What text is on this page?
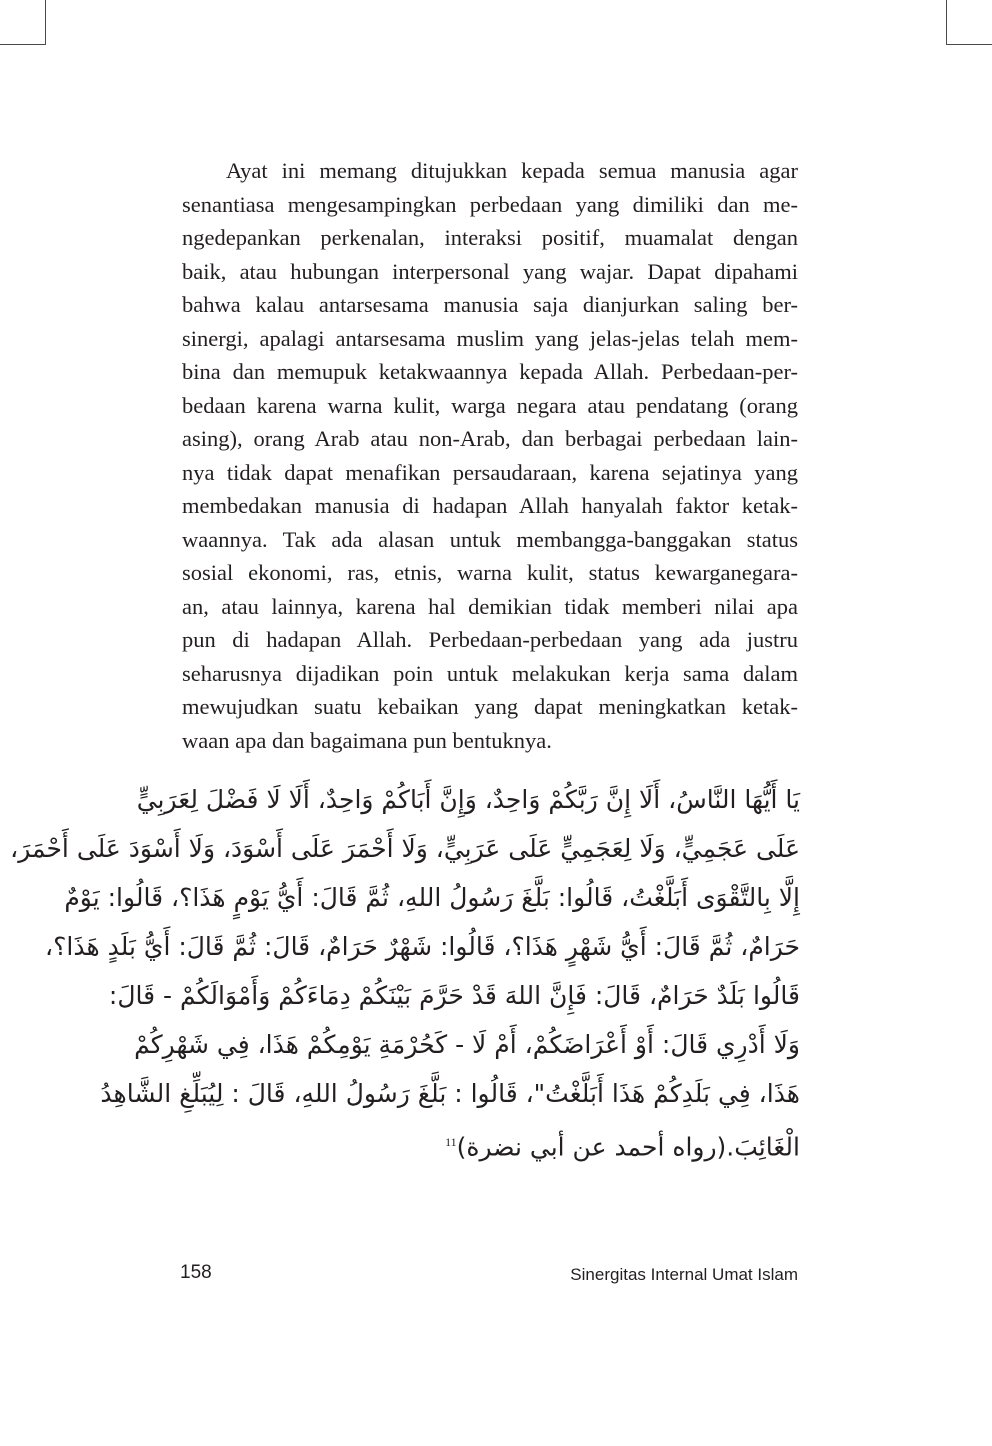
Ayat ini memang ditujukkan kepada semua manusia agar
senantiasa mengesampingkan perbedaan yang dimiliki dan me-
ngedepankan perkenalan, interaksi positif, muamalat dengan
baik, atau hubungan interpersonal yang wajar. Dapat dipahami
bahwa kalau antarsesama manusia saja dianjurkan saling ber-
sinergi, apalagi antarsesama muslim yang jelas-jelas telah mem-
bina dan memupuk ketakwaannya kepada Allah. Perbedaan-per-
bedaan karena warna kulit, warga negara atau pendatang (orang
asing), orang Arab atau non-Arab, dan berbagai perbedaan lain-
nya tidak dapat menafikan persaudaraan, karena sejatinya yang
membedakan manusia di hadapan Allah hanyalah faktor ketak-
waannya. Tak ada alasan untuk membangga-banggakan status
sosial ekonomi, ras, etnis, warna kulit, status kewarganegara-
an, atau lainnya, karena hal demikian tidak memberi nilai apa
pun di hadapan Allah. Perbedaan-perbedaan yang ada justru
seharusnya dijadikan poin untuk melakukan kerja sama dalam
mewujudkan suatu kebaikan yang dapat meningkatkan ketak-
waan apa dan bagaimana pun bentuknya.
يَا أَيُّهَا النَّاسُ، أَلَا إِنَّ رَبَّكُمْ وَاحِدٌ، وَإِنَّ أَبَاكُمْ وَاحِدٌ، أَلَا لَا فَضْلَ لِعَرَبِيٍّ
عَلَى عَجَمِيٍّ، وَلَا لِعَجَمِيٍّ عَلَى عَرَبِيٍّ، وَلَا أَحْمَرَ عَلَى أَسْوَدَ، وَلَا أَسْوَدَ عَلَى أَحْمَرَ،
إِلَّا بِالتَّقْوَى أَبَلَّغْتُ، قَالُوا: بَلَّغَ رَسُولُ اللهِ، ثُمَّ قَالَ: أَيُّ يَوْمٍ هَذَا؟، قَالُوا: يَوْمٌ
حَرَامٌ، ثُمَّ قَالَ: أَيُّ شَهْرٍ هَذَا؟، قَالُوا: شَهْرٌ حَرَامٌ، قَالَ: ثُمَّ قَالَ: أَيُّ بَلَدٍ هَذَا؟،
قَالُوا بَلَدٌ حَرَامٌ، قَالَ: فَإِنَّ اللهَ قَدْ حَرَّمَ بَيْنَكُمْ دِمَاءَكُمْ وَأَمْوَالَكُمْ - قَالَ:
وَلَا أَدْرِي قَالَ: أَوْ أَعْرَاضَكُمْ، أَمْ لَا - كَحُرْمَةِ يَوْمِكُمْ هَذَا، فِي شَهْرِكُمْ
هَذَا، فِي بَلَدِكُمْ هَذَا أَبَلَّغْتُ"، قَالُوا : بَلَّغَ رَسُولُ اللهِ، قَالَ : لِيُبَلِّغِ الشَّاهِدُ
الْغَائِبَ.(رواه أحمد عن أبي نضرة)$^{11}$
158	Sinergitas Internal Umat Islam
